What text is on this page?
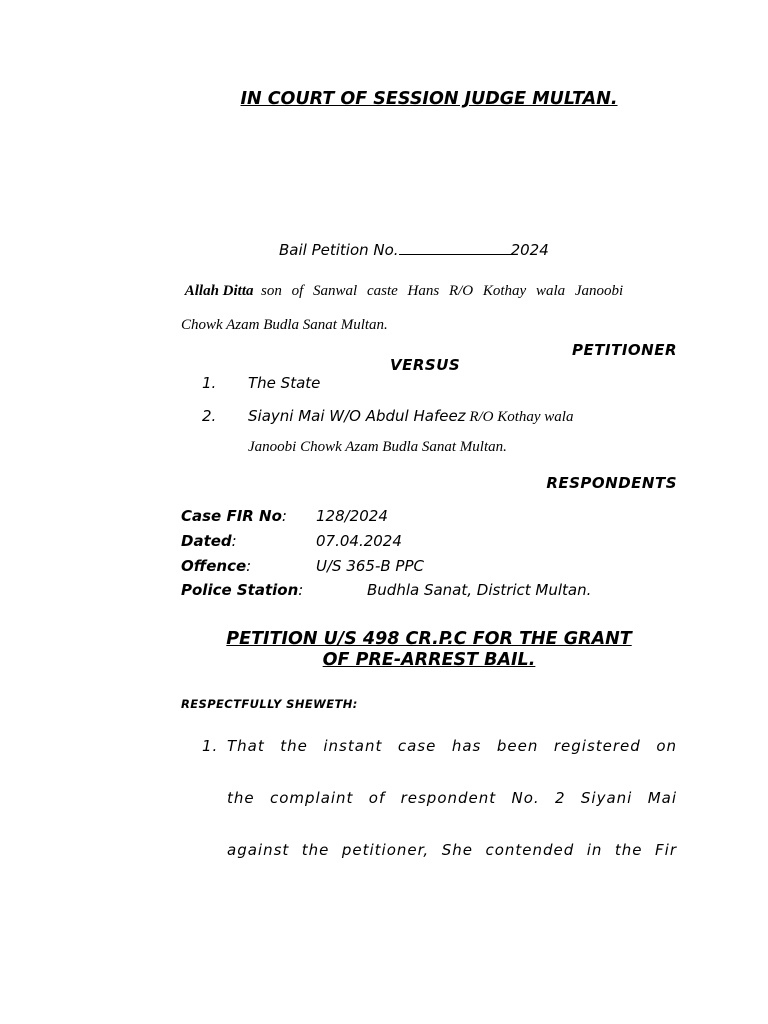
IN COURT OF SESSION JUDGE MULTAN.
Bail Petition No.	2024
Allah Ditta son of Sanwal caste Hans R/O Kothay wala Janoobi
Chowk Azam Budla Sanat Multan.
PETITIONER
VERSUS
1. The State
2. Siayni Mai W/O Abdul Hafeez R/O Kothay wala
Janoobi Chowk Azam Budla Sanat Multan.
RESPONDENTS
Case FIR No: 128/2024
Dated:	07.04.2024
Offence:	U/S 365-B PPC
Police Station:	Budhla Sanat, District Multan.
PETITION U/S 498 CR.P.C FOR THE GRANT
OF PRE-ARREST BAIL.
RESPECTFULLY SHEWETH:
1. That the instant case has been registered on
the complaint of respondent No. 2 Siyani Mai
against the petitioner, She contended in the Fir
